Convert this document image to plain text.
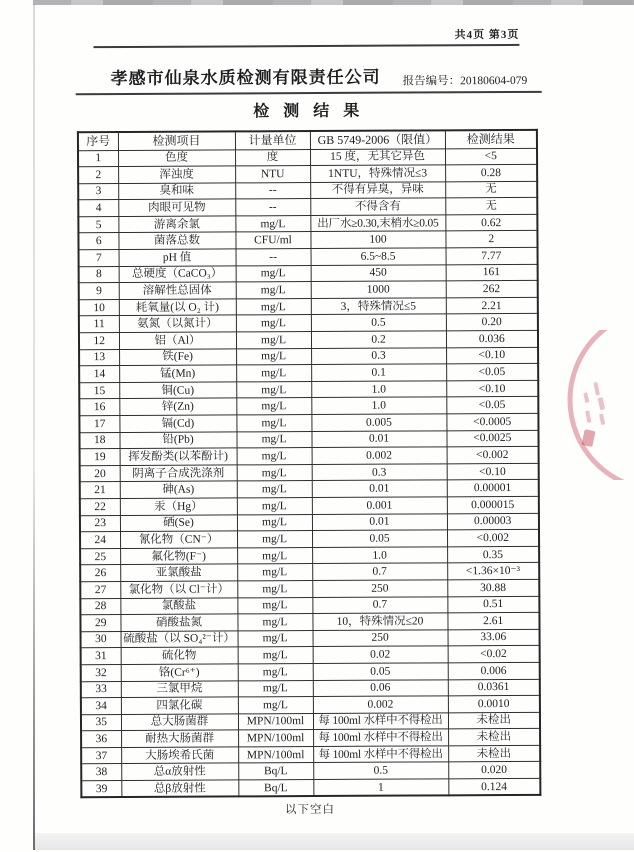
共4页 第3页
孝感市仙泉水质检测有限责任公司 报告编号：20180604-079
检 测 结 果
序号	检测项目	计量单位	GB 5749-2006（限值）	检测结果
1	色度	度	15 度，无其它异色	<5
2	浑浊度	NTU	1NTU，特殊情况≤3	0.28
3	臭和味	--	不得有异臭，异味	无
4	肉眼可见物	--	不得含有	无
5	游离余氯	mg/L	出厂水≥0.30,末梢水≥0.05	0.62
6	菌落总数	CFU/ml	100	2
7	pH 值	--	6.5~8.5	7.77
8	总硬度（CaCO₃）	mg/L	450	161
9	溶解性总固体	mg/L	1000	262
10	耗氧量(以 O₂ 计)	mg/L	3，特殊情况≤5	2.21
11	氨氮（以氮计）	mg/L	0.5	0.20
12	铝（Al）	mg/L	0.2	0.036
13	铁(Fe)	mg/L	0.3	<0.10
14	锰(Mn)	mg/L	0.1	<0.05
15	铜(Cu)	mg/L	1.0	<0.10
16	锌(Zn)	mg/L	1.0	<0.05
17	镉(Cd)	mg/L	0.005	<0.0005
18	铅(Pb)	mg/L	0.01	<0.0025
19	挥发酚类(以苯酚计)	mg/L	0.002	<0.002
20	阴离子合成洗涤剂	mg/L	0.3	<0.10
21	砷(As)	mg/L	0.01	0.00001
22	汞（Hg）	mg/L	0.001	0.000015
23	硒(Se)	mg/L	0.01	0.00003
24	氰化物（CN⁻）	mg/L	0.05	<0.002
25	氟化物(F⁻)	mg/L	1.0	0.35
26	亚氯酸盐	mg/L	0.7	<1.36×10⁻³
27	氯化物（以 Cl⁻计）	mg/L	250	30.88
28	氯酸盐	mg/L	0.7	0.51
29	硝酸盐氮	mg/L	10，特殊情况≤20	2.61
30	硫酸盐（以 SO₄²⁻计）	mg/L	250	33.06
31	硫化物	mg/L	0.02	<0.02
32	铬(Cr⁶⁺)	mg/L	0.05	0.006
33	三氯甲烷	mg/L	0.06	0.0361
34	四氯化碳	mg/L	0.002	0.0010
35	总大肠菌群	MPN/100ml	每 100ml 水样中不得检出	未检出
36	耐热大肠菌群	MPN/100ml	每 100ml 水样中不得检出	未检出
37	大肠埃希氏菌	MPN/100ml	每 100ml 水样中不得检出	未检出
38	总α放射性	Bq/L	0.5	0.020
39	总β放射性	Bq/L	1	0.124
以下空白
